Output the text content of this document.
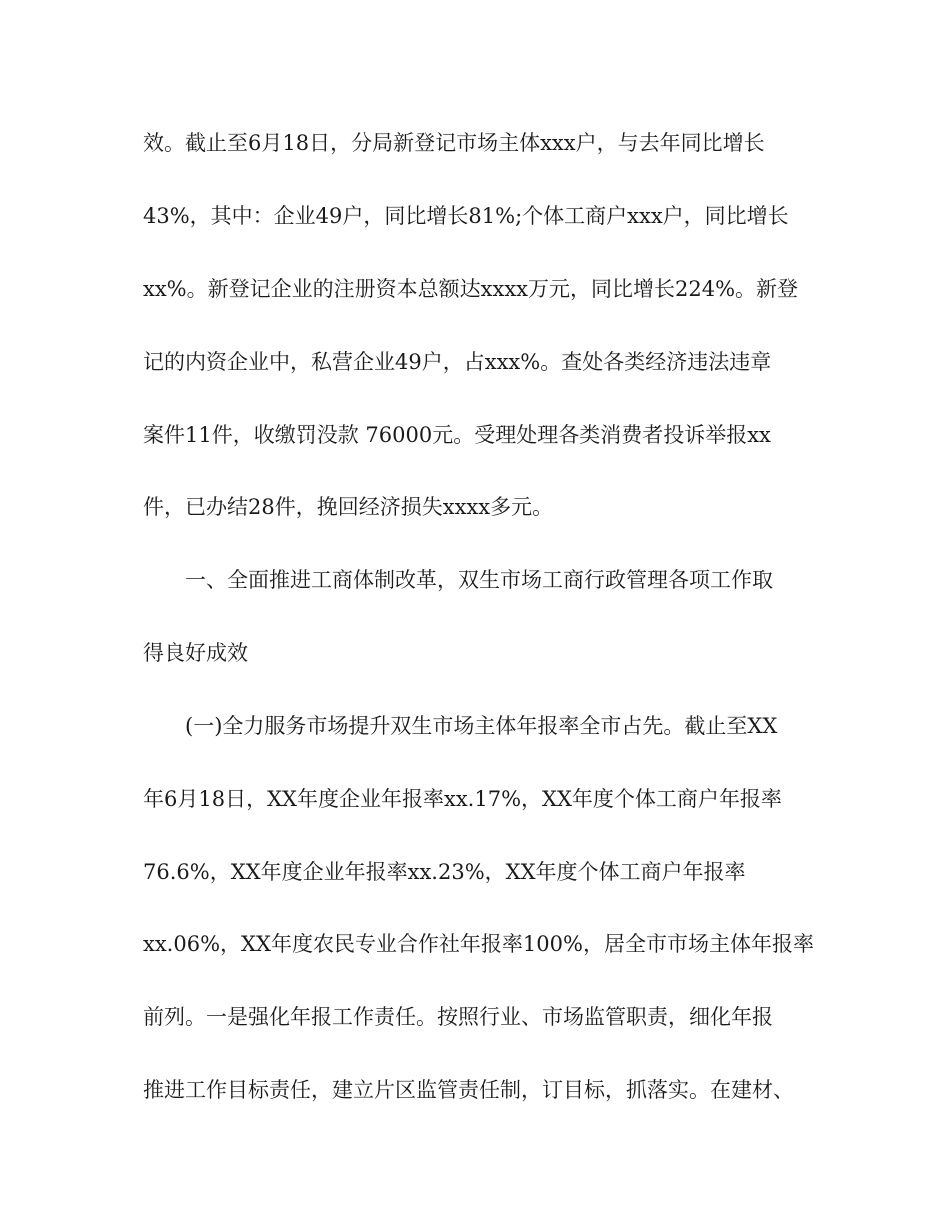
效。截止至6月18日，分局新登记市场主体xxx户，与去年同比增长
43%，其中：企业49户，同比增长81%;个体工商户xxx户，同比增长
xx%。新登记企业的注册资本总额达xxxx万元，同比增长224%。新登
记的内资企业中，私营企业49户，占xxx%。查处各类经济违法违章
案件11件，收缴罚没款 76000元。受理处理各类消费者投诉举报xx
件，已办结28件，挽回经济损失xxxx多元。
一、全面推进工商体制改革，双生市场工商行政管理各项工作取
得良好成效
(一)全力服务市场提升双生市场主体年报率全市占先。截止至XX
年6月18日，XX年度企业年报率xx.17%，XX年度个体工商户年报率
76.6%，XX年度企业年报率xx.23%，XX年度个体工商户年报率
xx.06%，XX年度农民专业合作社年报率100%，居全市市场主体年报率
前列。一是强化年报工作责任。按照行业、市场监管职责，细化年报
推进工作目标责任，建立片区监管责任制，订目标，抓落实。在建材、
